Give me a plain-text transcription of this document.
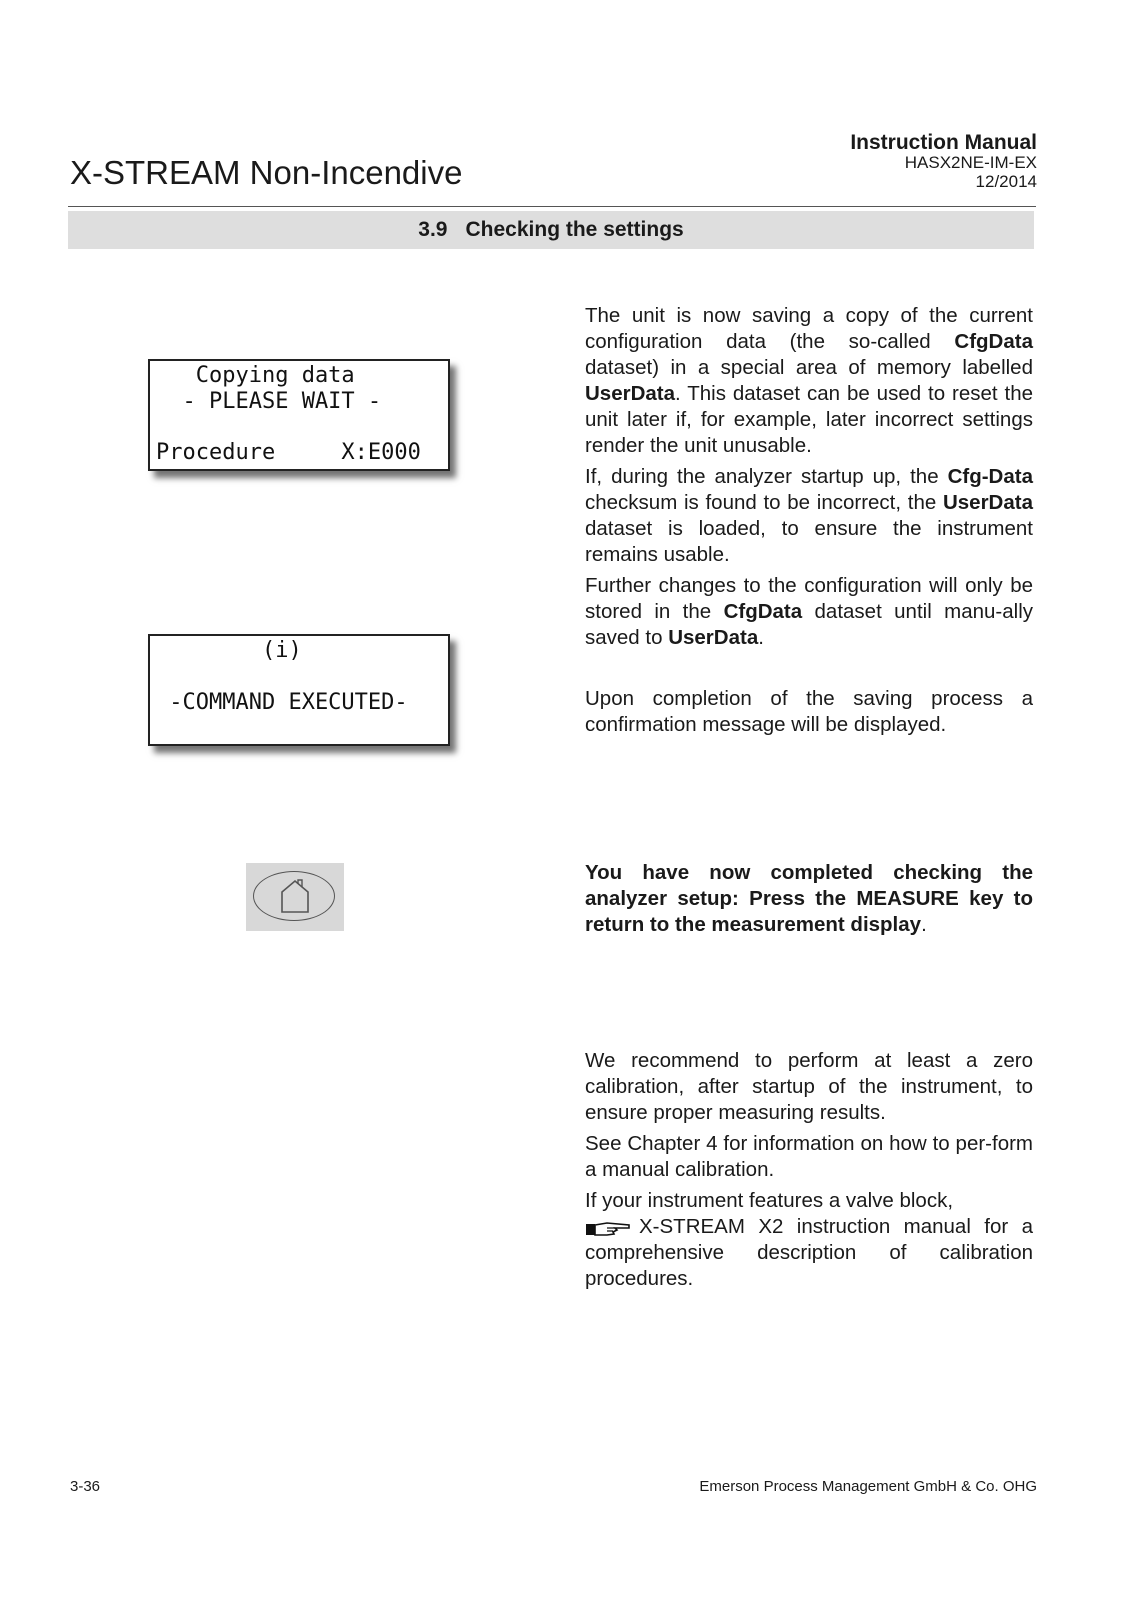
X-STREAM Non-Incendive
Instruction Manual
HASX2NE-IM-EX
12/2014
3.9 Checking the settings
Copying data
- PLEASE WAIT -
Procedure     X:E000
(i)
-COMMAND EXECUTED-

The unit is now saving a copy of the current configuration data (the so-called CfgData dataset) in a special area of memory labelled UserData. This dataset can be used to reset the unit later if, for example, later incorrect settings render the unit unusable.

If, during the analyzer startup up, the Cfg-Data checksum is found to be incorrect, the UserData dataset is loaded, to ensure the instrument remains usable.

Further changes to the configuration will only be stored in the CfgData dataset until manu-ally saved to UserData.

Upon completion of the saving process a confirmation message will be displayed.

You have now completed checking the analyzer setup: Press the MEASURE key to return to the measurement display.

We recommend to perform at least a zero calibration, after startup of the instrument, to ensure proper measuring results.

See Chapter 4 for information on how to per-form a manual calibration.

If your instrument features a valve block,
X-STREAM X2 instruction manual for a comprehensive description of calibration procedures.

3-36	Emerson Process Management GmbH & Co. OHG
